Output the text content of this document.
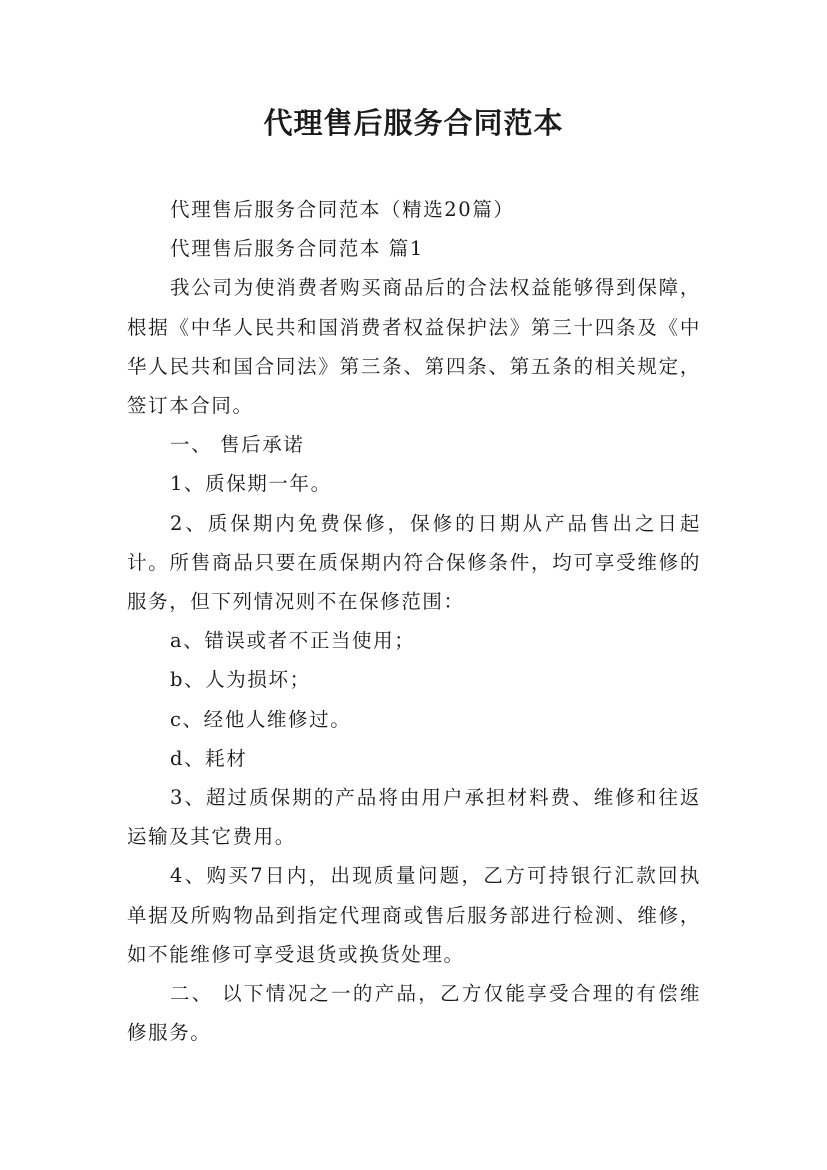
代理售后服务合同范本

代理售后服务合同范本（精选20篇）

代理售后服务合同范本 篇1

我公司为使消费者购买商品后的合法权益能够得到保障，根据《中华人民共和国消费者权益保护法》第三十四条及《中华人民共和国合同法》第三条、第四条、第五条的相关规定，签订本合同。

一、 售后承诺

1、质保期一年。

2、质保期内免费保修，保修的日期从产品售出之日起计。所售商品只要在质保期内符合保修条件，均可享受维修的服务，但下列情况则不在保修范围：

a、错误或者不正当使用；

b、人为损坏；

c、经他人维修过。

d、耗材

3、超过质保期的产品将由用户承担材料费、维修和往返运输及其它费用。

4、购买7日内，出现质量问题，乙方可持银行汇款回执单据及所购物品到指定代理商或售后服务部进行检测、维修，如不能维修可享受退货或换货处理。

二、 以下情况之一的产品，乙方仅能享受合理的有偿维修服务。
